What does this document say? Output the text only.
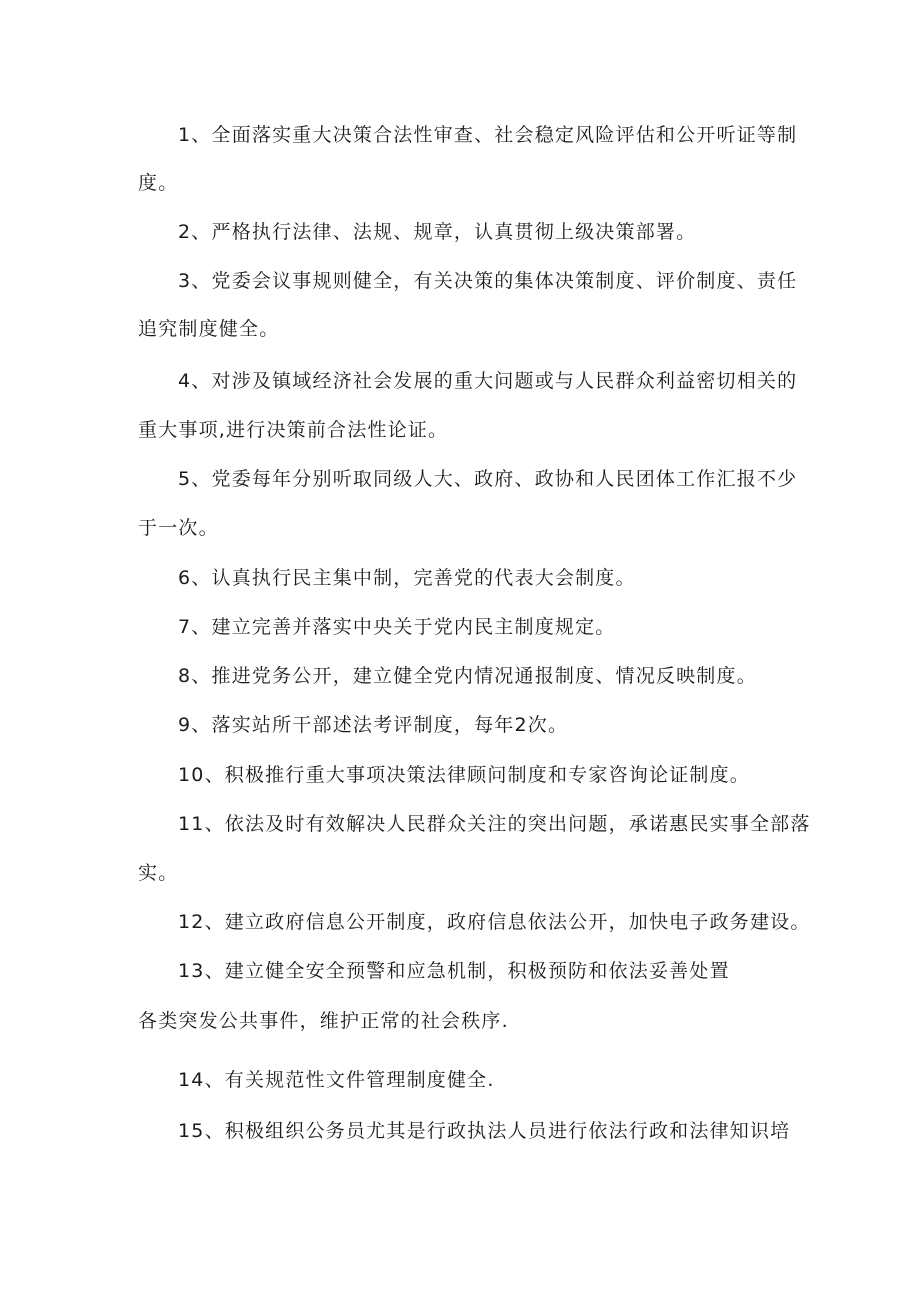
1、全面落实重大决策合法性审查、社会稳定风险评估和公开听证等制
度。
2、严格执行法律、法规、规章，认真贯彻上级决策部署。
3、党委会议事规则健全，有关决策的集体决策制度、评价制度、责任
追究制度健全。
4、对涉及镇域经济社会发展的重大问题或与人民群众利益密切相关的
重大事项,进行决策前合法性论证。
5、党委每年分别听取同级人大、政府、政协和人民团体工作汇报不少
于一次。
6、认真执行民主集中制，完善党的代表大会制度。
7、建立完善并落实中央关于党内民主制度规定。
8、推进党务公开，建立健全党内情况通报制度、情况反映制度。
9、落实站所干部述法考评制度，每年2次。
10、积极推行重大事项决策法律顾问制度和专家咨询论证制度。
11、依法及时有效解决人民群众关注的突出问题，承诺惠民实事全部落
实。
12、建立政府信息公开制度，政府信息依法公开，加快电子政务建设。
13、建立健全安全预警和应急机制，积极预防和依法妥善处置
各类突发公共事件，维护正常的社会秩序.
14、有关规范性文件管理制度健全.
15、积极组织公务员尤其是行政执法人员进行依法行政和法律知识培
